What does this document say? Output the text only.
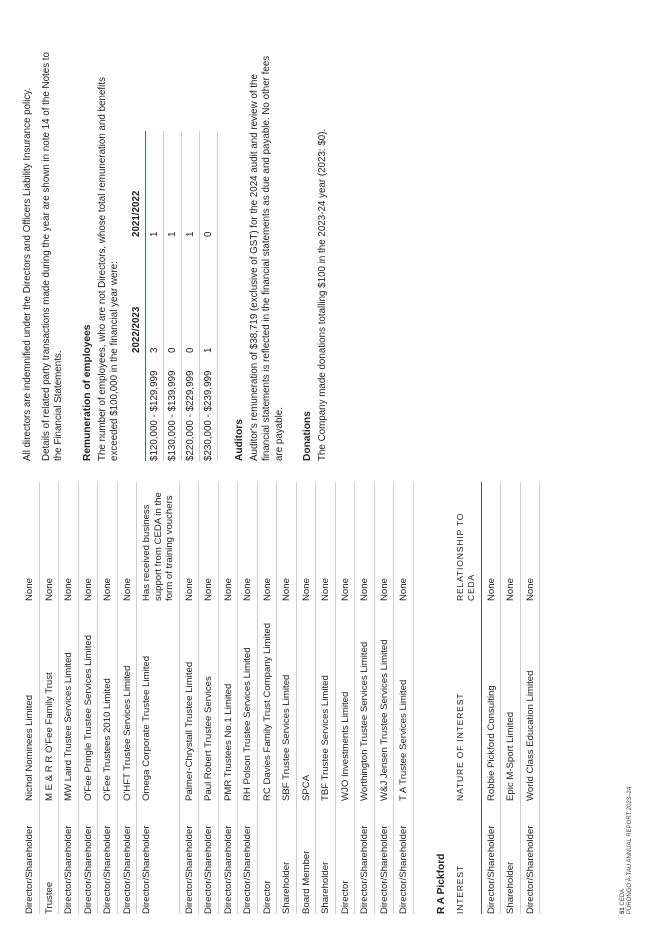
Director/Shareholder	Nichol Nominees Limited	None
Trustee	M E & R R O'Fee Family Trust	None
Director/Shareholder	MW Laird Trustee Services Limited	None
Director/Shareholder	O'Fee Pringle Trustee Services Limited	None
Director/Shareholder	O'Fee Trustees 2010 Limited	None
Director/Shareholder	O'HFT Trustee Services Limited	None
Director/Shareholder	Omega Corporate Trustee Limited	Has received business support from CEDA in the form of training vouchers
Director/Shareholder	Palmer-Chrystall Trustee Limited	None
Director/Shareholder	Paul Robert Trustee Services	None
Director/Shareholder	PMR Trustees No.1 Limited	None
Director/Shareholder	RH Polson Trustee Services Limited	None
Director	RC Davies Family Trust Company Limited	None
Shareholder	SBF Trustee Services Limited	None
Board Member	SPCA	None
Shareholder	TBF Trustee Services Limited	None
Director	WJO Investments Limited	None
Director/Shareholder	Worthington Trustee Services Limited	None
Director/Shareholder	W&J Jensen Trustee Services Limited	None
Director/Shareholder	T A Trustee Services Limited	None
R A Pickford INTEREST	NATURE OF INTEREST	RELATIONSHIP TO CEDA
Director/Shareholder	Robbie Pickford Consulting	None
Shareholder	Epic M-Sport Limited	None
Director/Shareholder	World Class Education Limited	None

All directors are indemnified under the Directors and Officers Liability Insurance policy. Details of related party transactions made during the year are shown in note 14 of the Notes to the Financial Statements. Remuneration of employees The number of employees, who are not Directors, whose total remuneration and benefits exceeded $100,000 in the financial year were:

	2022/2023	2021/2022
$120,000 - $129,999	3	1
$130,000 - $139,999	0	1
$220,000 - $229,999	0	1
$230,000 - $239,999	1	0
Auditors Auditor's remuneration of $38,719 (exclusive of GST) for the 2024 audit and review of the financial statements is reflected in the financial statements as due and payable. No other fees are payable. Donations The Company made donations totalling $100 in the 2023-24 year (2023: $0).

61 CEDA
PŪRONGO Ā-TAU ANNUAL REPORT 2023–24
